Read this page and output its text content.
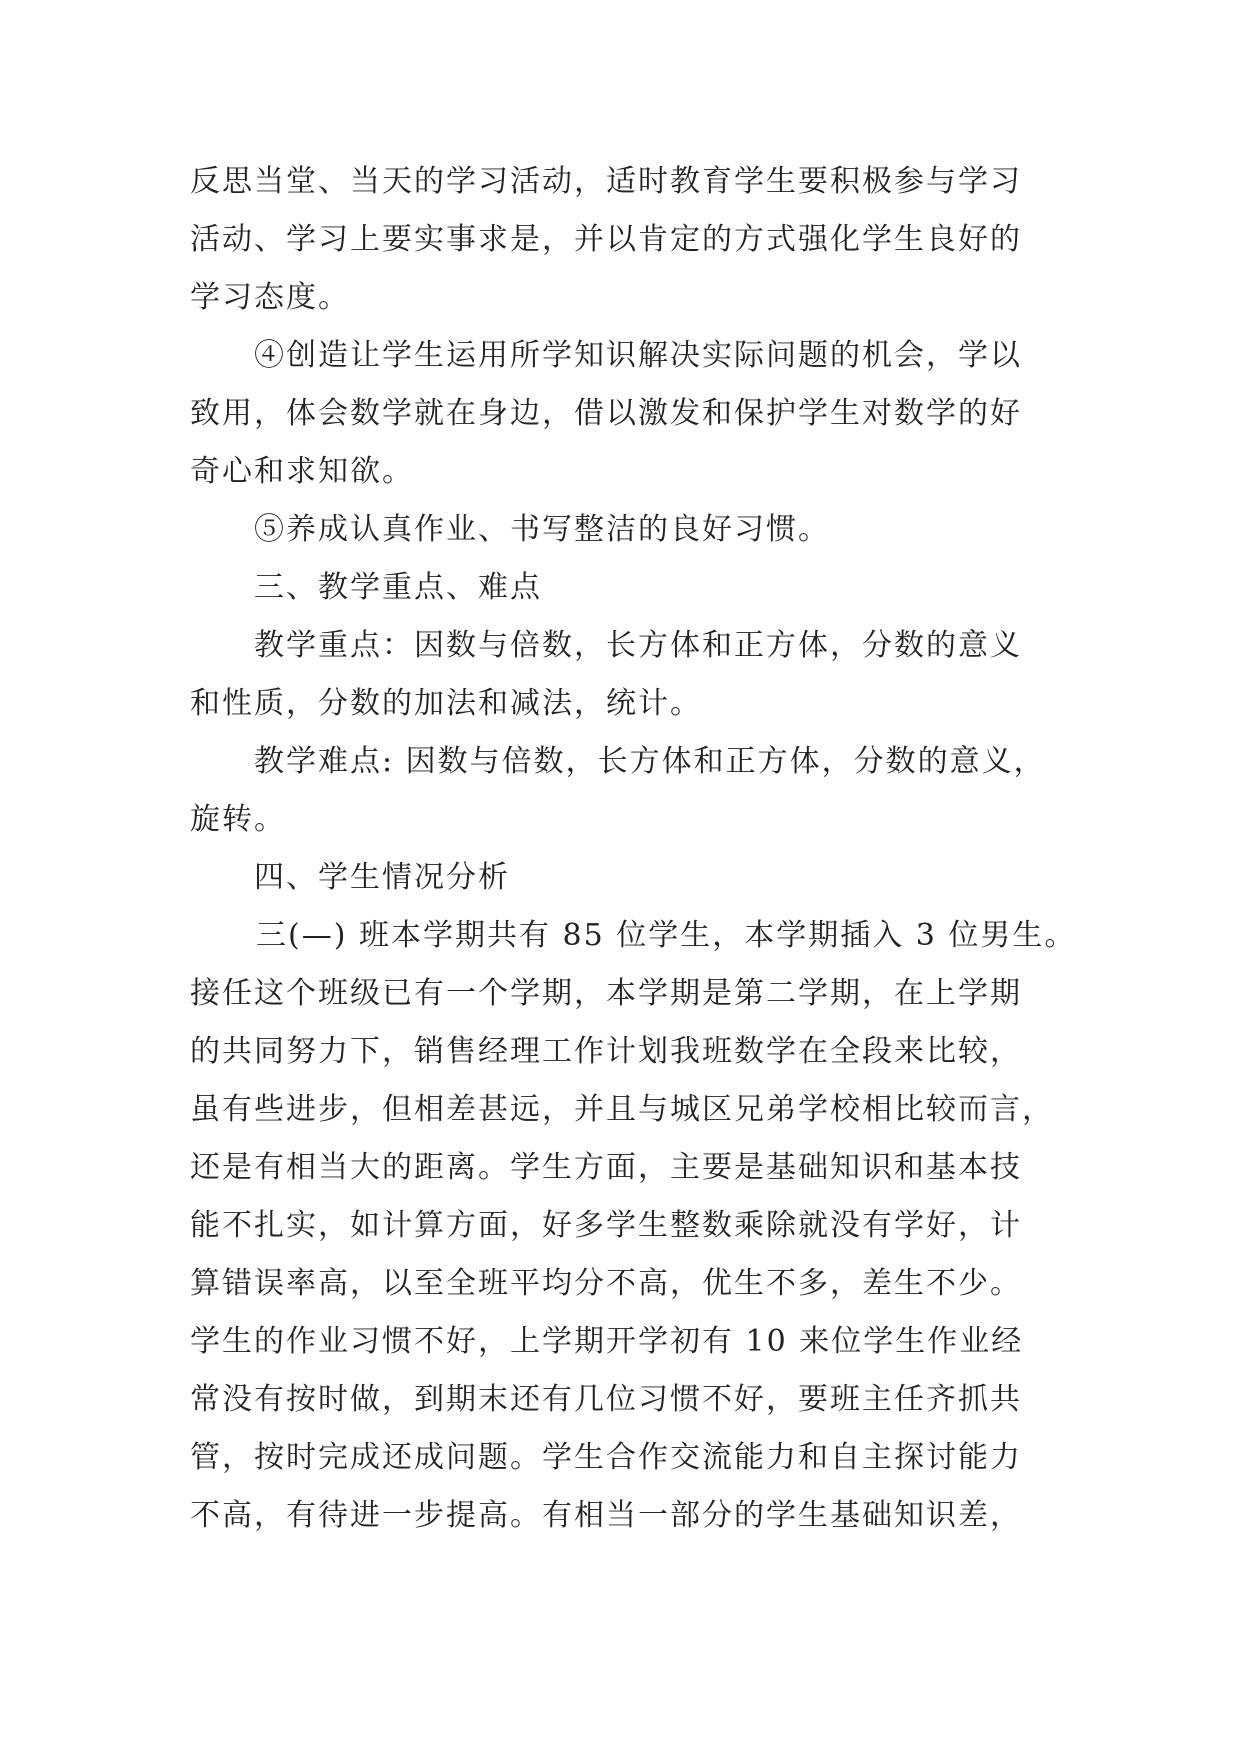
反思当堂、当天的学习活动，适时教育学生要积极参与学习
活动、学习上要实事求是，并以肯定的方式强化学生良好的
学习态度。
④创造让学生运用所学知识解决实际问题的机会，学以
致用，体会数学就在身边，借以激发和保护学生对数学的好
奇心和求知欲。
⑤养成认真作业、书写整洁的良好习惯。
三、教学重点、难点
教学重点：因数与倍数，长方体和正方体，分数的意义
和性质，分数的加法和减法，统计。
教学难点: 因数与倍数，长方体和正方体，分数的意义，
旋转。
四、学生情况分析
三(—) 班本学期共有 85 位学生，本学期插入 3 位男生。
接任这个班级已有一个学期，本学期是第二学期，在上学期
的共同努力下，销售经理工作计划我班数学在全段来比较，
虽有些进步，但相差甚远，并且与城区兄弟学校相比较而言，
还是有相当大的距离。学生方面，主要是基础知识和基本技
能不扎实，如计算方面，好多学生整数乘除就没有学好，计
算错误率高，以至全班平均分不高，优生不多，差生不少。
学生的作业习惯不好，上学期开学初有 10 来位学生作业经
常没有按时做，到期末还有几位习惯不好，要班主任齐抓共
管，按时完成还成问题。学生合作交流能力和自主探讨能力
不高，有待进一步提高。有相当一部分的学生基础知识差，
